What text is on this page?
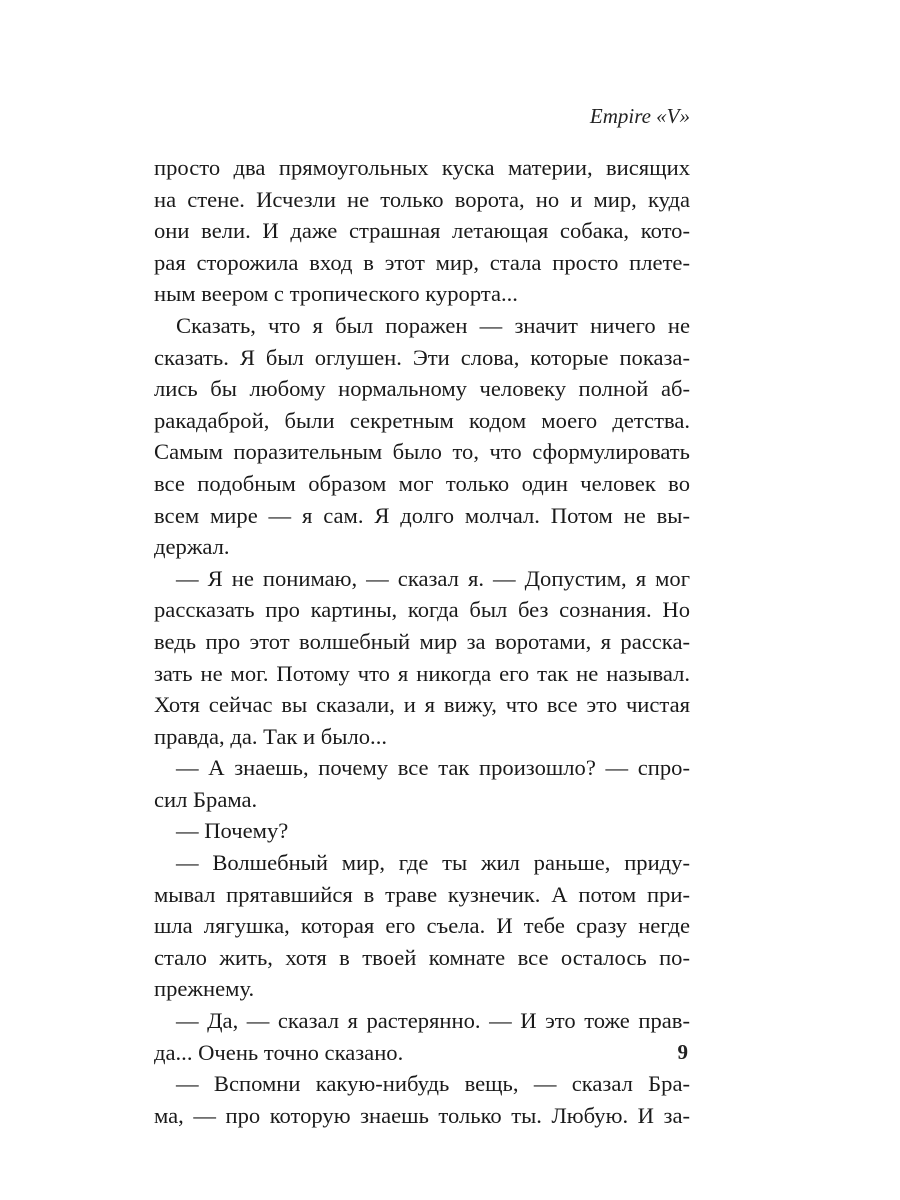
Empire «V»
просто два прямоугольных куска материи, висящих
на стене. Исчезли не только ворота, но и мир, куда
они вели. И даже страшная летающая собака, кото-
рая сторожила вход в этот мир, стала просто плете-
ным веером с тропического курорта...
Сказать, что я был поражен — значит ничего не
сказать. Я был оглушен. Эти слова, которые показа-
лись бы любому нормальному человеку полной аб-
ракадаброй, были секретным кодом моего детства.
Самым поразительным было то, что сформулировать
все подобным образом мог только один человек во
всем мире — я сам. Я долго молчал. Потом не вы-
держал.
— Я не понимаю, — сказал я. — Допустим, я мог
рассказать про картины, когда был без сознания. Но
ведь про этот волшебный мир за воротами, я расска-
зать не мог. Потому что я никогда его так не называл.
Хотя сейчас вы сказали, и я вижу, что все это чистая
правда, да. Так и было...
— А знаешь, почему все так произошло? — спро-
сил Брама.
— Почему?
— Волшебный мир, где ты жил раньше, приду-
мывал прятавшийся в траве кузнечик. А потом при-
шла лягушка, которая его съела. И тебе сразу негде
стало жить, хотя в твоей комнате все осталось по-
прежнему.
— Да, — сказал я растерянно. — И это тоже прав-
да... Очень точно сказано.
— Вспомни какую-нибудь вещь, — сказал Бра-
ма, — про которую знаешь только ты. Любую. И за-
9
